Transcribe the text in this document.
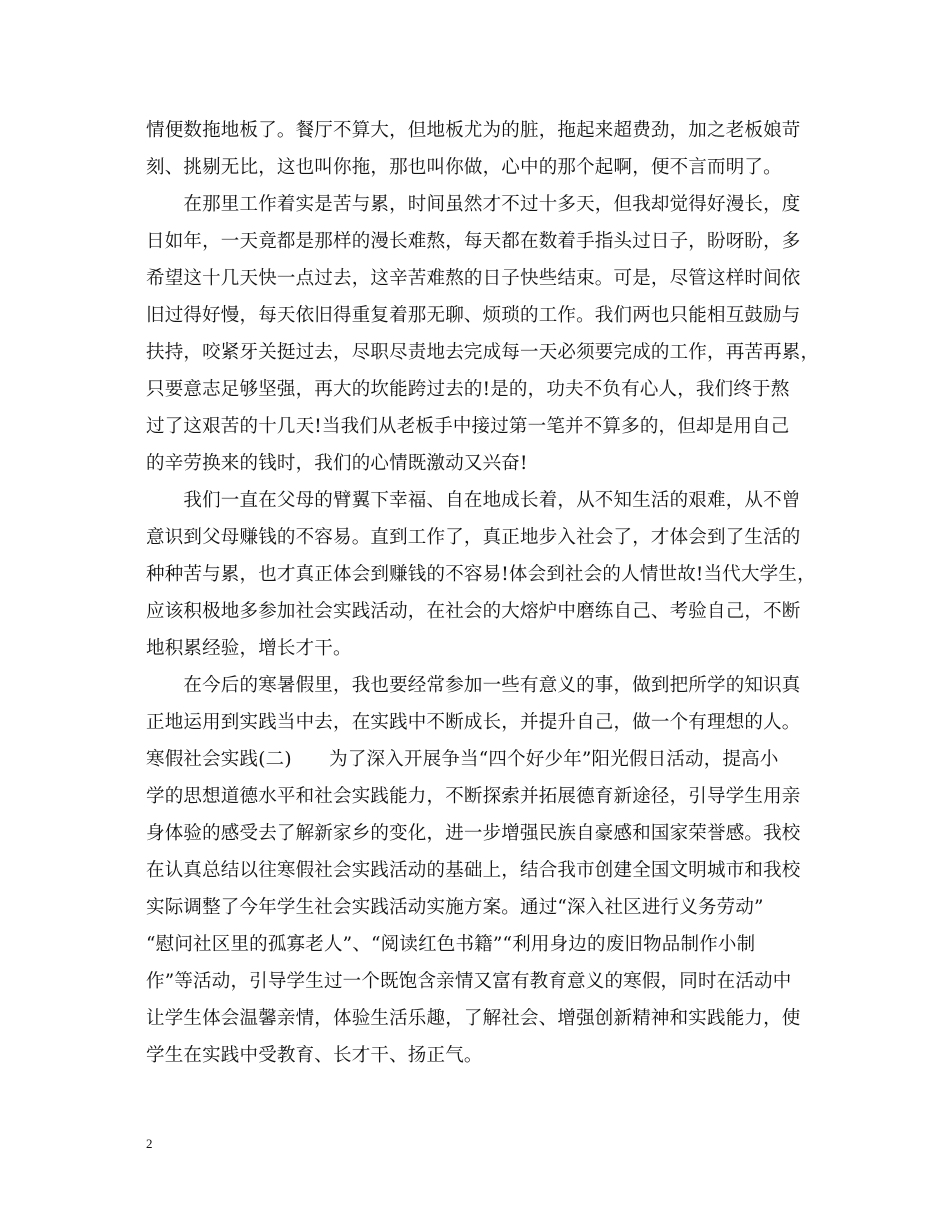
情便数拖地板了。餐厅不算大，但地板尤为的脏，拖起来超费劲，加之老板娘苛
刻、挑剔无比，这也叫你拖，那也叫你做，心中的那个起啊，便不言而明了。
　　在那里工作着实是苦与累，时间虽然才不过十多天，但我却觉得好漫长，度
日如年，一天竟都是那样的漫长难熬，每天都在数着手指头过日子，盼呀盼，多
希望这十几天快一点过去，这辛苦难熬的日子快些结束。可是，尽管这样时间依
旧过得好慢，每天依旧得重复着那无聊、烦琐的工作。我们两也只能相互鼓励与
扶持，咬紧牙关挺过去，尽职尽责地去完成每一天必须要完成的工作，再苦再累，
只要意志足够坚强，再大的坎能跨过去的!是的，功夫不负有心人，我们终于熬
过了这艰苦的十几天!当我们从老板手中接过第一笔并不算多的，但却是用自己
的辛劳换来的钱时，我们的心情既激动又兴奋!
　　我们一直在父母的臂翼下幸福、自在地成长着，从不知生活的艰难，从不曾
意识到父母赚钱的不容易。直到工作了，真正地步入社会了，才体会到了生活的
种种苦与累，也才真正体会到赚钱的不容易!体会到社会的人情世故!当代大学生，
应该积极地多参加社会实践活动，在社会的大熔炉中磨练自己、考验自己，不断
地积累经验，增长才干。
　　在今后的寒暑假里，我也要经常参加一些有意义的事，做到把所学的知识真
正地运用到实践当中去，在实践中不断成长，并提升自己，做一个有理想的人。
寒假社会实践(二)　　为了深入开展争当“四个好少年”阳光假日活动，提高小
学的思想道德水平和社会实践能力，不断探索并拓展德育新途径，引导学生用亲
身体验的感受去了解新家乡的变化，进一步增强民族自豪感和国家荣誉感。我校
在认真总结以往寒假社会实践活动的基础上，结合我市创建全国文明城市和我校
实际调整了今年学生社会实践活动实施方案。通过“深入社区进行义务劳动”
“慰问社区里的孤寡老人”、“阅读红色书籍”“利用身边的废旧物品制作小制
作”等活动，引导学生过一个既饱含亲情又富有教育意义的寒假，同时在活动中
让学生体会温馨亲情，体验生活乐趣，了解社会、增强创新精神和实践能力，使
学生在实践中受教育、长才干、扬正气。
2
